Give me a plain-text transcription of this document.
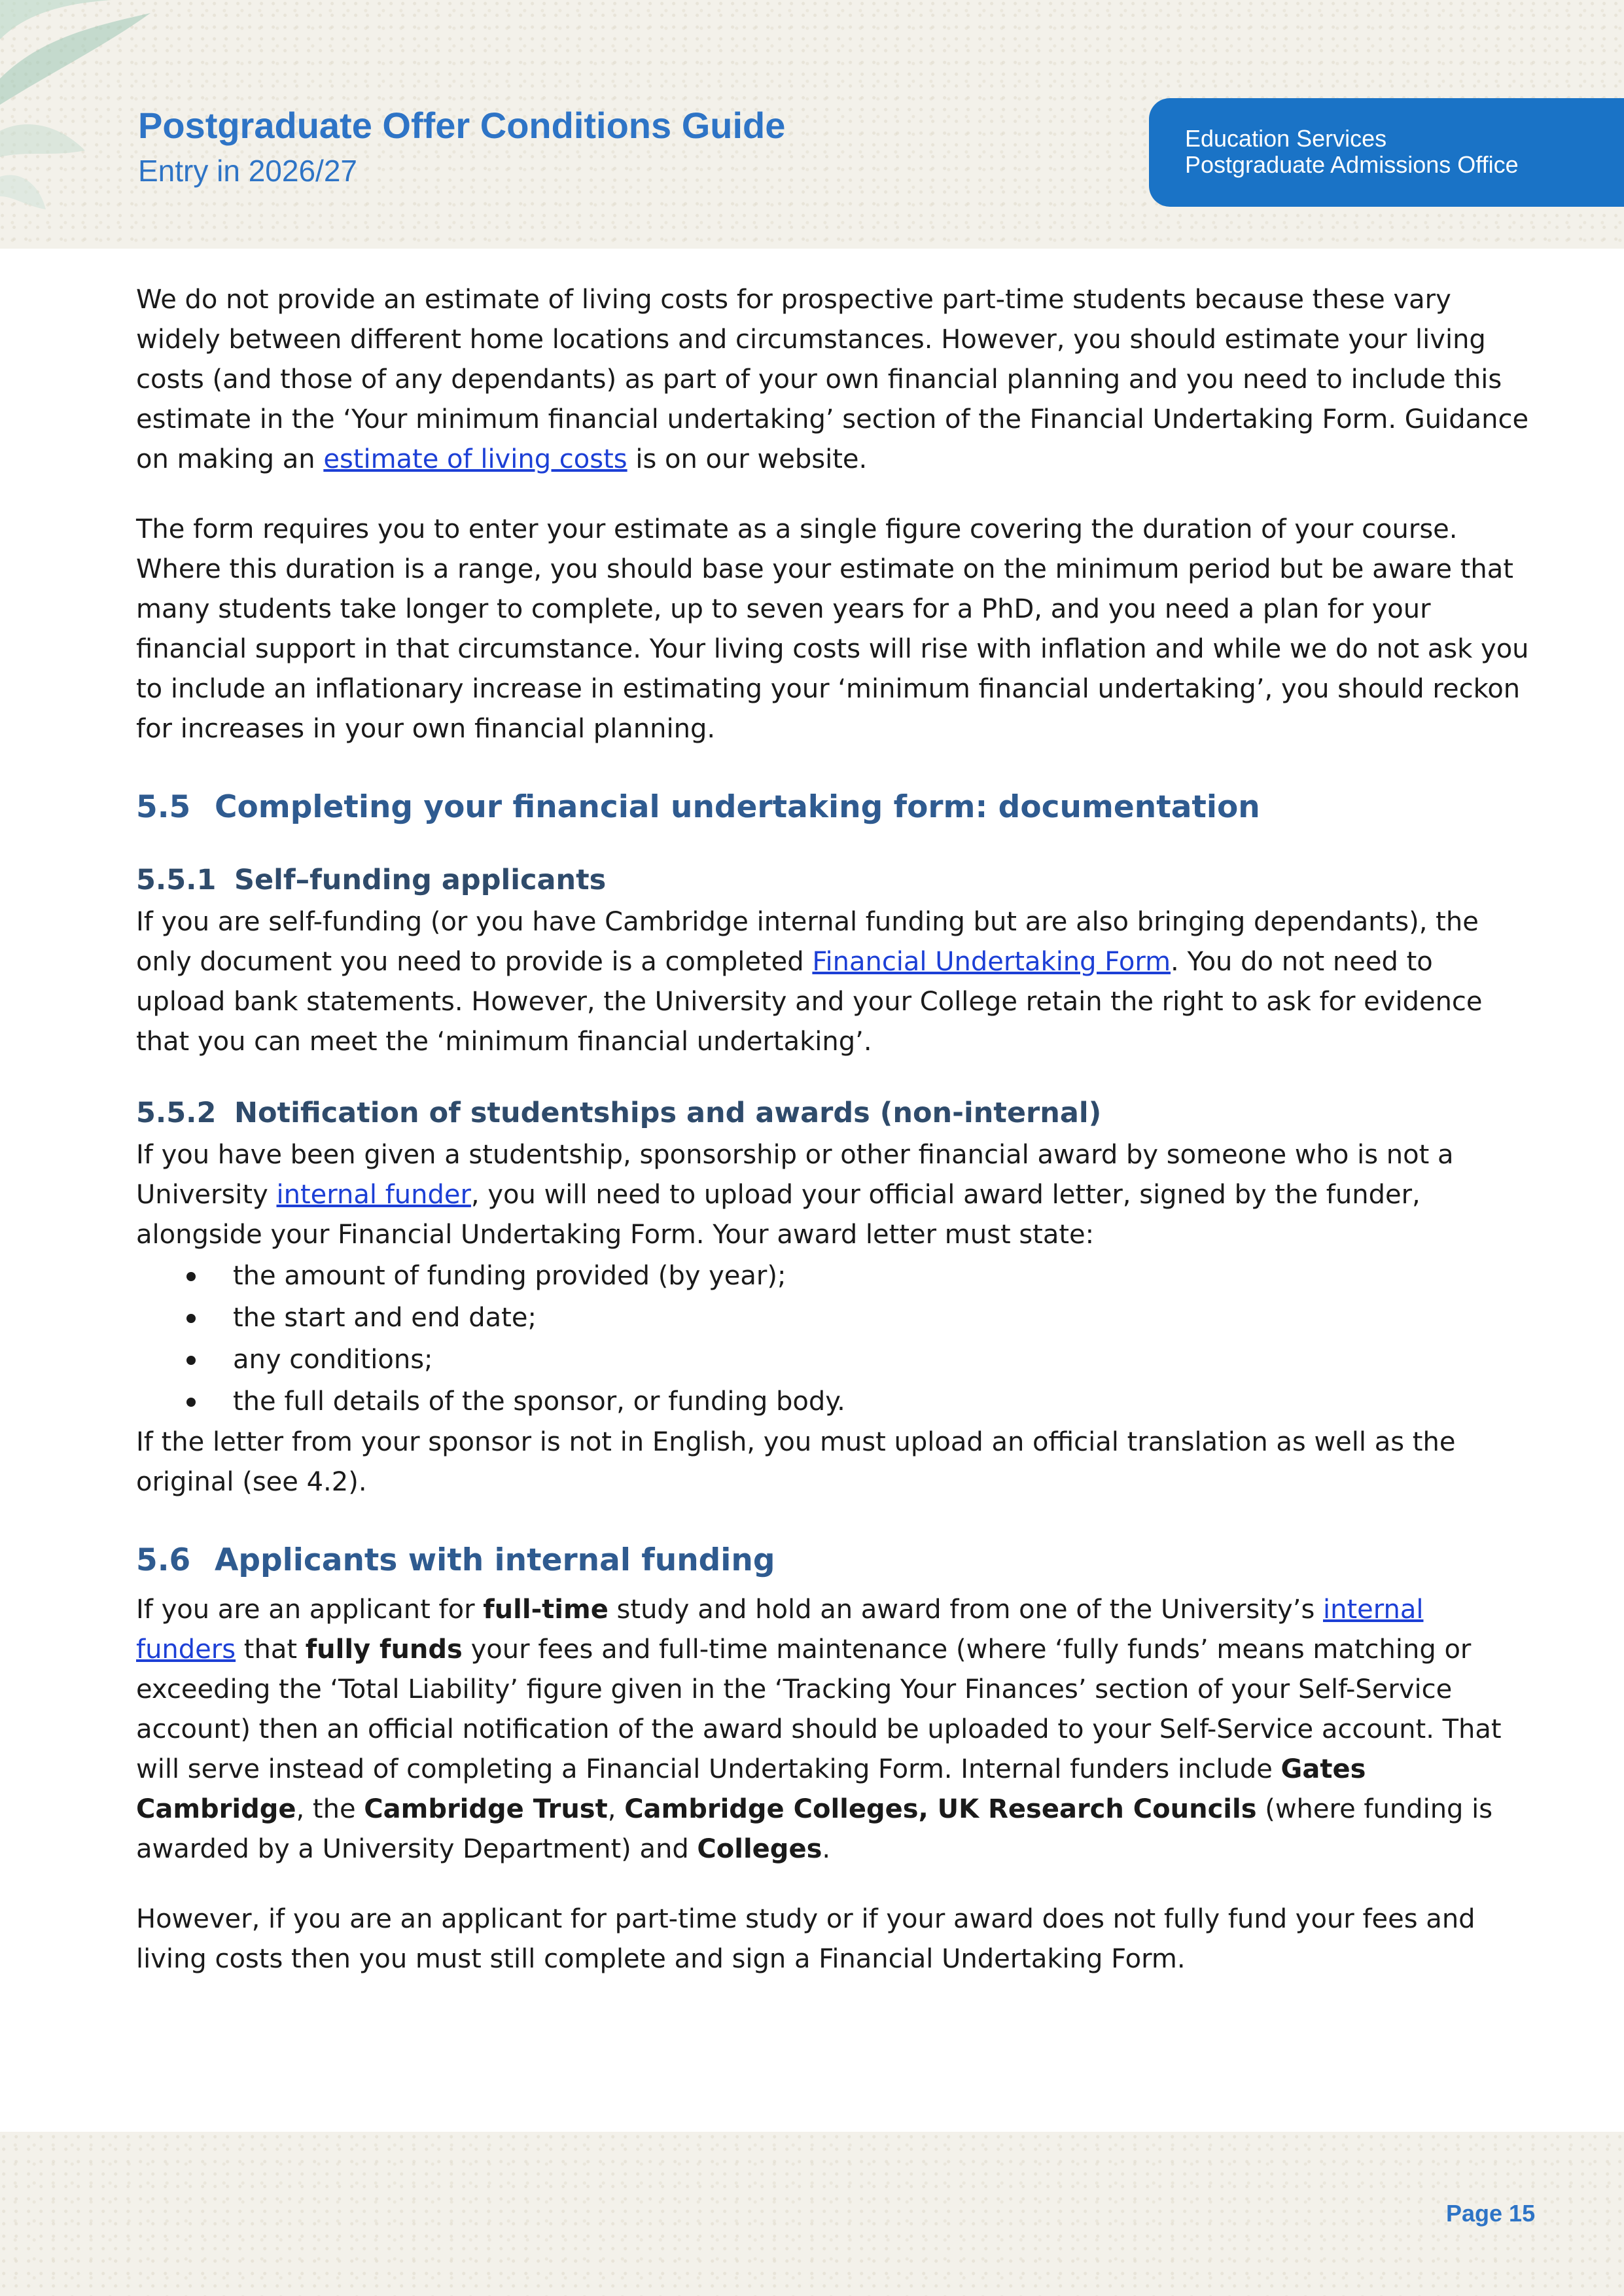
Postgraduate Offer Conditions Guide
Entry in 2026/27
Education Services
Postgraduate Admissions Office

We do not provide an estimate of living costs for prospective part-time students because these vary widely between different home locations and circumstances. However, you should estimate your living costs (and those of any dependants) as part of your own financial planning and you need to include this estimate in the ‘Your minimum financial undertaking’ section of the Financial Undertaking Form. Guidance on making an estimate of living costs is on our website.

The form requires you to enter your estimate as a single figure covering the duration of your course. Where this duration is a range, you should base your estimate on the minimum period but be aware that many students take longer to complete, up to seven years for a PhD, and you need a plan for your financial support in that circumstance. Your living costs will rise with inflation and while we do not ask you to include an inflationary increase in estimating your ‘minimum financial undertaking’, you should reckon for increases in your own financial planning.

5.5 Completing your financial undertaking form: documentation
5.5.1 Self–funding applicants

If you are self-funding (or you have Cambridge internal funding but are also bringing dependants), the only document you need to provide is a completed Financial Undertaking Form. You do not need to upload bank statements. However, the University and your College retain the right to ask for evidence that you can meet the ‘minimum financial undertaking’.

5.5.2 Notification of studentships and awards (non-internal)

If you have been given a studentship, sponsorship or other financial award by someone who is not a University internal funder, you will need to upload your official award letter, signed by the funder, alongside your Financial Undertaking Form. Your award letter must state:

the amount of funding provided (by year);
the start and end date;
any conditions;
the full details of the sponsor, or funding body.

If the letter from your sponsor is not in English, you must upload an official translation as well as the original (see 4.2).

5.6 Applicants with internal funding

If you are an applicant for full-time study and hold an award from one of the University’s internal funders that fully funds your fees and full-time maintenance (where ‘fully funds’ means matching or exceeding the ‘Total Liability’ figure given in the ‘Tracking Your Finances’ section of your Self-Service account) then an official notification of the award should be uploaded to your Self-Service account. That will serve instead of completing a Financial Undertaking Form. Internal funders include Gates Cambridge, the Cambridge Trust, Cambridge Colleges, UK Research Councils (where funding is awarded by a University Department) and Colleges.

However, if you are an applicant for part-time study or if your award does not fully fund your fees and living costs then you must still complete and sign a Financial Undertaking Form.

Page 15
